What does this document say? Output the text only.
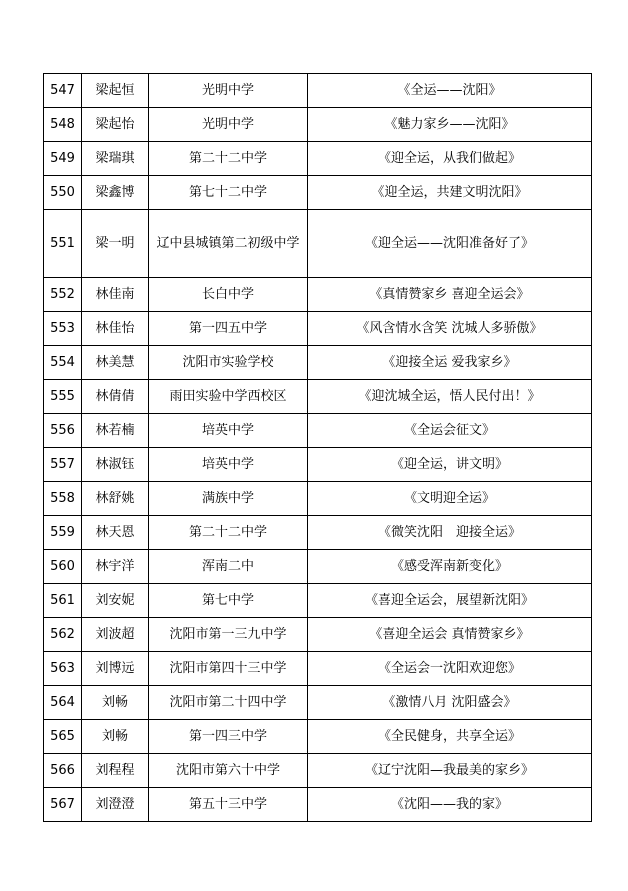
547	梁起恒	光明中学	《全运——沈阳》
548	梁起怡	光明中学	《魅力家乡——沈阳》
549	梁瑞琪	第二十二中学	《迎全运，从我们做起》
550	梁鑫博	第七十二中学	《迎全运，共建文明沈阳》
551	梁一明	辽中县城镇第二初级中学	《迎全运——沈阳准备好了》
552	林佳南	长白中学	《真情赞家乡 喜迎全运会》
553	林佳怡	第一四五中学	《风含情水含笑 沈城人多骄傲》
554	林美慧	沈阳市实验学校	《迎接全运 爱我家乡》
555	林倩倩	雨田实验中学西校区	《迎沈城全运，悟人民付出！》
556	林若楠	培英中学	《全运会征文》
557	林淑钰	培英中学	《迎全运，讲文明》
558	林舒姚	满族中学	《文明迎全运》
559	林天恩	第二十二中学	《微笑沈阳　迎接全运》
560	林宇洋	浑南二中	《感受浑南新变化》
561	刘安妮	第七中学	《喜迎全运会，展望新沈阳》
562	刘波超	沈阳市第一三九中学	《喜迎全运会 真情赞家乡》
563	刘博远	沈阳市第四十三中学	《全运会一沈阳欢迎您》
564	刘畅	沈阳市第二十四中学	《激情八月 沈阳盛会》
565	刘畅	第一四三中学	《全民健身，共享全运》
566	刘程程	沈阳市第六十中学	《辽宁沈阳—我最美的家乡》
567	刘澄澄	第五十三中学	《沈阳——我的家》
